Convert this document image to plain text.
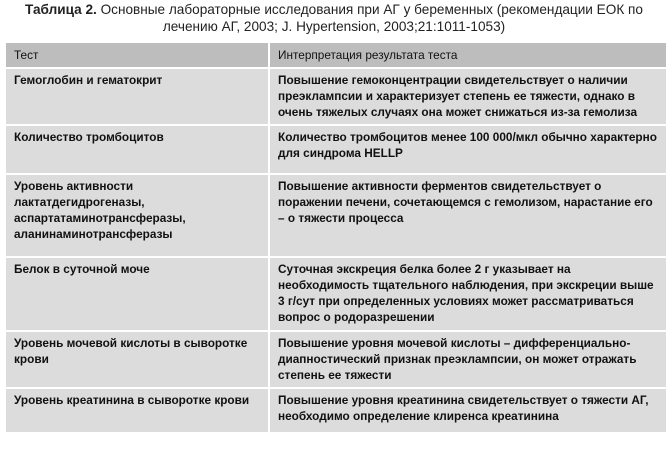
Таблица 2. Основные лабораторные исследования при АГ у беременных (рекомендации ЕОК по лечению АГ, 2003; J. Hypertension, 2003;21:1011-1053)
Тест	Интерпретация результата теста
Гемоглобин и гематокрит	Повышение гемоконцентрации свидетельствует о наличии преэклампсии и характеризует степень ее тяжести, однако в очень тяжелых случаях она может снижаться из-за гемолиза
Количество тромбоцитов	Количество тромбоцитов менее 100 000/мкл обычно характерно для синдрома HELLP
Уровень активности лактатдегидрогеназы, аспартатаминотрансферазы, аланинаминотрансферазы	Повышение активности ферментов свидетельствует о поражении печени, сочетающемся с гемолизом, нарастание его – о тяжести процесса
Белок в суточной моче	Суточная экскреция белка более 2 г указывает на необходимость тщательного наблюдения, при экскреции выше 3 г/сут при определенных условиях может рассматриваться вопрос о родоразрешении
Уровень мочевой кислоты в сыворотке крови	Повышение уровня мочевой кислоты – дифференциально-диапностический признак преэклампсии, он может отражать степень ее тяжести
Уровень креатинина в сыворотке крови	Повышение уровня креатинина свидетельствует о тяжести АГ, необходимо определение клиренса креатинина
